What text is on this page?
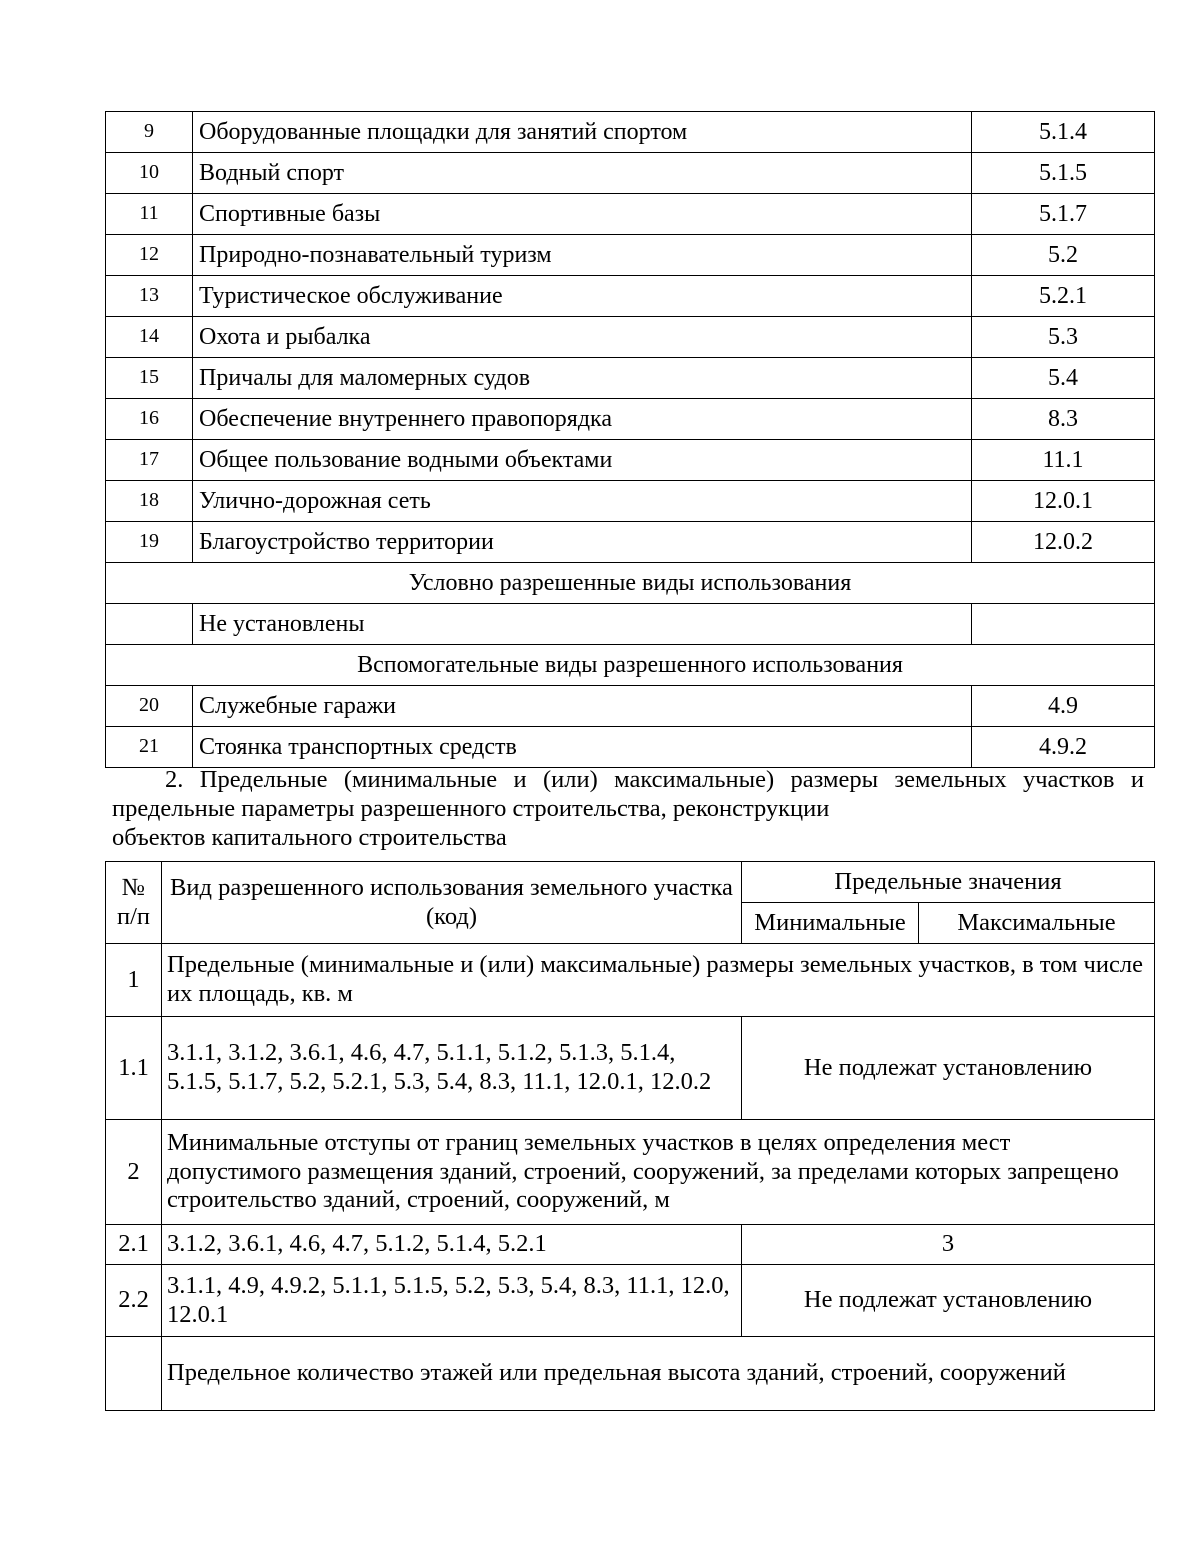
9	Оборудованные площадки для занятий спортом	5.1.4
10	Водный спорт	5.1.5
11	Спортивные базы	5.1.7
12	Природно-познавательный туризм	5.2
13	Туристическое обслуживание	5.2.1
14	Охота и рыбалка	5.3
15	Причалы для маломерных судов	5.4
16	Обеспечение внутреннего правопорядка	8.3
17	Общее пользование водными объектами	11.1
18	Улично-дорожная сеть	12.0.1
19	Благоустройство территории	12.0.2
Условно разрешенные виды использования		
	Не установлены	
Вспомогательные виды разрешенного использования		
20	Служебные гаражи	4.9
21	Стоянка транспортных средств	4.9.2
2. Предельные (минимальные и (или) максимальные) размеры земельных участков и предельные параметры разрешенного строительства, реконструкции
объектов капитального строительства
№ п/п	Вид разрешенного использования земельного участка (код)	Предельные значения	
		Минимальные	Максимальные
1	Предельные (минимальные и (или) максимальные) размеры земельных участков, в том числе их площадь, кв. м		
1.1	3.1.1, 3.1.2, 3.6.1, 4.6, 4.7, 5.1.1, 5.1.2, 5.1.3, 5.1.4, 5.1.5, 5.1.7, 5.2, 5.2.1, 5.3, 5.4, 8.3, 11.1, 12.0.1, 12.0.2	Не подлежат установлению	
2	Минимальные отступы от границ земельных участков в целях определения мест допустимого размещения зданий, строений, сооружений, за пределами которых запрещено строительство зданий, строений, сооружений, м		
2.1	3.1.2, 3.6.1, 4.6, 4.7, 5.1.2, 5.1.4, 5.2.1	3	
2.2	3.1.1, 4.9, 4.9.2, 5.1.1, 5.1.5, 5.2, 5.3, 5.4, 8.3, 11.1, 12.0, 12.0.1	Не подлежат установлению	
	Предельное количество этажей или предельная высота зданий, строений, сооружений		
